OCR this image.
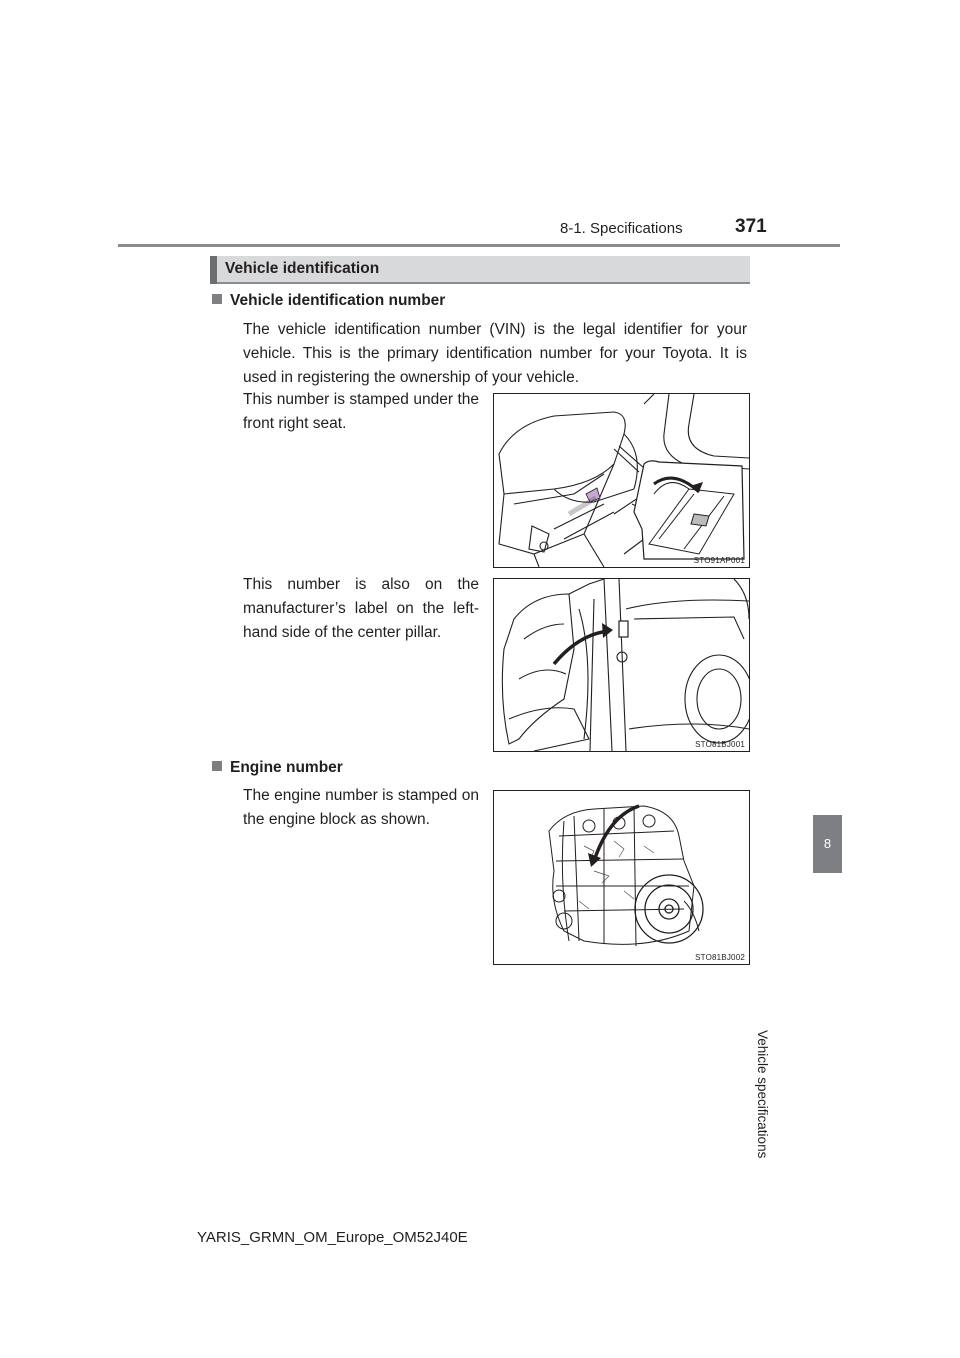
8-1. Specifications	371
8
Vehicle specifications
Vehicle identification
Vehicle identification number
The vehicle identification number (VIN) is the legal identifier for your vehicle. This is the primary identification number for your Toyota. It is used in registering the ownership of your vehicle.
This number is stamped under the front right seat.
STO91AP001
This number is also on the manufacturer’s label on the left-hand side of the center pillar.
STO81BJ001
Engine number
The engine number is stamped on the engine block as shown.
STO81BJ002
YARIS_GRMN_OM_Europe_OM52J40E
